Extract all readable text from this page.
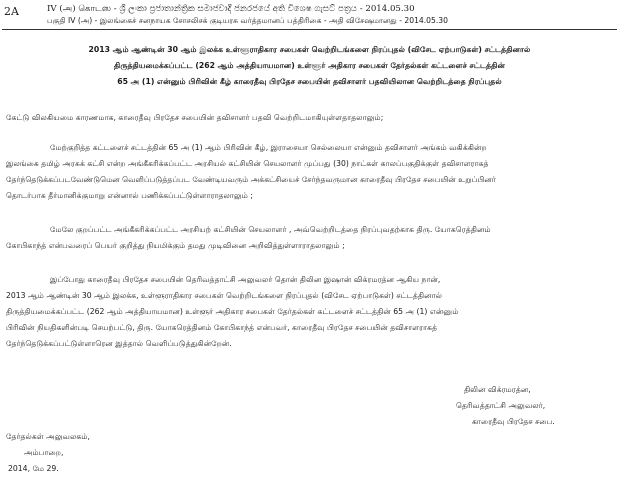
2A	IV (அ) கொடஸ - ශ්‍රී ලංකා ප්‍රජාතාන්ත්‍රික සමාජවාදී ජනරජයේ අති විශෙෂ ගැසට් පත්‍රය - 2014.05.30
பகுதி IV (அ) - இலங்கைச் சனநாயக சோசலிசக் குடியரசு வர்த்தமானப் பத்திரிகை - அதி விசேஷமானது - 2014.05.30
2013 ஆம் ஆண்டின் 30 ஆம் இலக்க உள்ளூராதிகார சபைகள் வெற்றிடங்களை நிரப்புதல் (விசேட ஏற்பாடுகள்) சட்டத்தினால்
திருத்தியமைக்கப்பட்ட (262 ஆம் அத்தியாயமான) உள்ளூர் அதிகார சபைகள் தேர்தல்கள் கட்டளைச் சட்டத்தின்
65 அ (1) என்னும் பிரிவின் கீழ் காரைதீவு பிரதேச சபையின் தவிசாளர் பதவியிலான வெற்றிடத்தை நிரப்புதல்
கேட்டு விலகியமை காரணமாக, காரைதீவு பிரதேச சபையின் தவிசாளர் பதவி வெற்றிடமாகியுள்ளதாதலாலும்;
மேற்குறித்த கட்டளைச் சட்டத்தின் 65 அ (1) ஆம் பிரிவின் கீழ், இராசையா செல்லையா என்னும் தவிசாளர் அங்கம் வகிக்கின்ற
இலங்கை தமிழ் அரசுக் கட்சி என்ற அங்கீகரிக்கப்பட்ட அரசியல் கட்சியின் செயலாளர் முப்பது (30) நாட்கள் காலப்பகுதிக்குள் தவிசாளராகத்
தேர்ந்தெடுக்கப்படவேண்டுமென வெளிப்படுத்தப்பட வேண்டியவரும் அக்கட்சியைச் சேர்ந்தவருமான காரைதீவு பிரதேச சபையின் உறுப்பினர்
தொடர்பாக தீர்மானிக்குமாறு என்னால் பணிக்கப்பட்டுள்ளாராதலாலும் ;
மேலே குறப்பட்ட அங்கீகரிக்கப்பட்ட அரசியற் கட்சியின் செயலாளர் , அவ்வெற்றிடத்தை நிரப்புவதற்காக திரு. யோகரெத்தினம்
கோபிகாந்த் என்பவரைப் பெயர் குறித்து நியமிக்கும் தமது முடிவினை அறிவித்துள்ளாராதலாலும் ;
இப்போது காரைதீவு பிரதேச சபையின் தெரிவத்தாட்சி அலுவலர் தொன் திலின இஷான் விக்ரமரத்ன ஆகிய நான்,
2013 ஆம் ஆண்டின் 30 ஆம் இலக்க, உள்ளூராதிகார சபைகள் வெற்றிடங்களை நிரப்புதல் (விசேட ஏற்பாடுகள்) சட்டத்தினால்
திருத்தியமைக்கப்பட்ட (262 ஆம் அத்தியாயமான) உள்ளூர் அதிகார சபைகள் தேர்தல்கள் கட்டளைச் சட்டத்தின் 65 அ (1) என்னும்
பிரிவின் நியதிகளின்படி செயற்பட்டு, திரு. யோகரெத்தினம் கோபிகாந்த் என்பவர், காரைதீவு பிரதேச சபையின் தவிசாளராகத்
தேர்ந்தெடுக்கப்பட்டுள்ளாரென இத்தால் வெளிப்படுத்துகின்றேன்.
திலின விக்ரமரத்ன,
தெரிவத்தாட்சி அலுவலர்,
காரைதீவு பிரதேச சபை.
தேர்தல்கள் அலுவலகம்,
அம்பாறை,
2014, மே 29.
